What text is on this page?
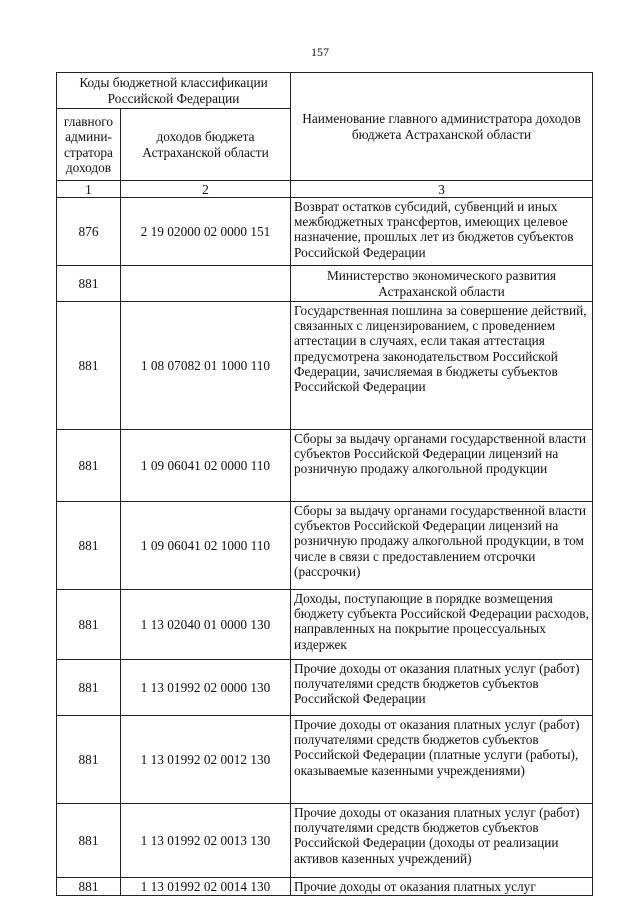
157
Коды бюджетной классификации Российской Федерации		Наименование главного администратора доходов бюджета Астраханской области
главного админи-стратора доходов	доходов бюджета Астраханской области	
1	2	3
876	2 19 02000 02 0000 151	Возврат остатков субсидий, субвенций и иных межбюджетных трансфертов, имеющих целевое назначение, прошлых лет из бюджетов субъектов Российской Федерации
881		Министерство экономического развития Астраханской области
881	1 08 07082 01 1000 110	Государственная пошлина за совершение действий, связанных с лицензированием, с проведением аттестации в случаях, если такая аттестация предусмотрена законодательством Российской Федерации, зачисляемая в бюджеты субъектов Российской Федерации
881	1 09 06041 02 0000 110	Сборы за выдачу органами государственной власти субъектов Российской Федерации лицензий на розничную продажу алкогольной продукции
881	1 09 06041 02 1000 110	Сборы за выдачу органами государственной власти субъектов Российской Федерации лицензий на розничную продажу алкогольной продукции, в том числе в связи с предоставлением отсрочки (рассрочки)
881	1 13 02040 01 0000 130	Доходы, поступающие в порядке возмещения бюджету субъекта Российской Федерации расходов, направленных на покрытие процессуальных издержек
881	1 13 01992 02 0000 130	Прочие доходы от оказания платных услуг (работ) получателями средств бюджетов субъектов Российской Федерации
881	1 13 01992 02 0012 130	Прочие доходы от оказания платных услуг (работ) получателями средств бюджетов субъектов Российской Федерации (платные услуги (работы), оказываемые казенными учреждениями)
881	1 13 01992 02 0013 130	Прочие доходы от оказания платных услуг (работ) получателями средств бюджетов субъектов Российской Федерации (доходы от реализации активов казенных учреждений)
881	1 13 01992 02 0014 130	Прочие доходы от оказания платных услуг
